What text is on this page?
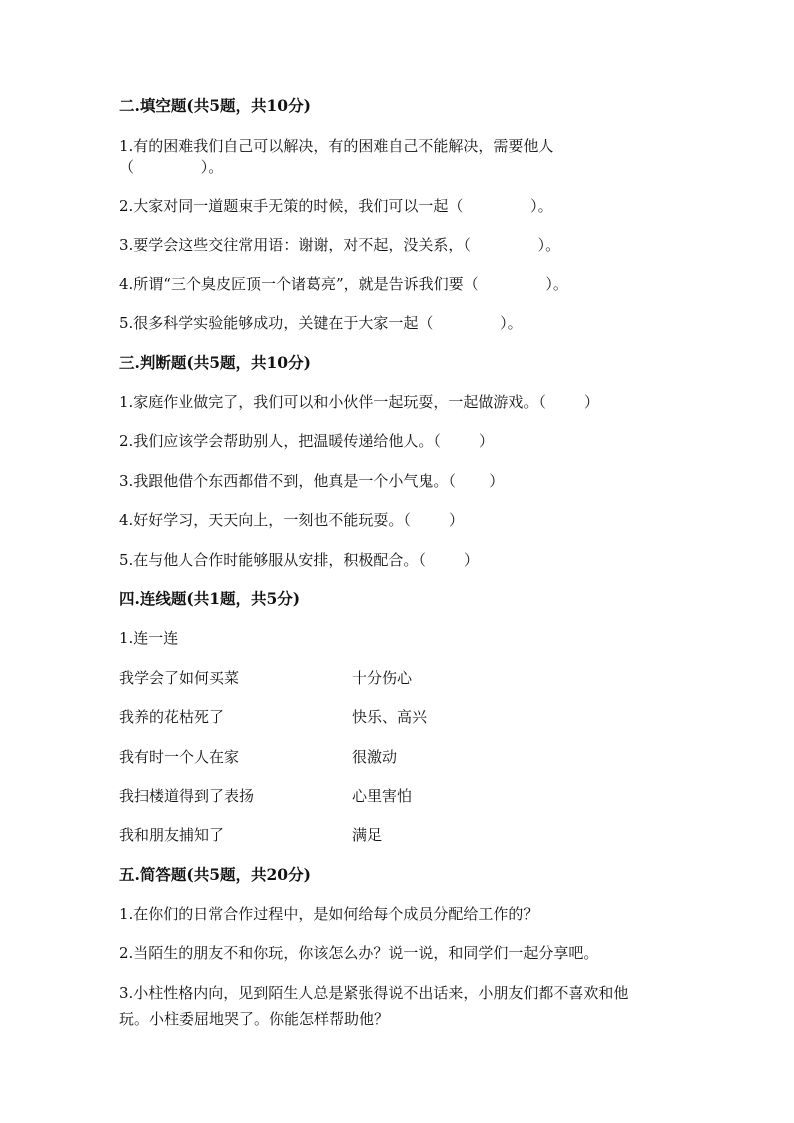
二.填空题(共5题，共10分)
1.有的困难我们自己可以解决，有的困难自己不能解决，需要他人
（              ）。
2.大家对同一道题束手无策的时候，我们可以一起（              ）。
3.要学会这些交往常用语：谢谢，对不起，没关系，（              ）。
4.所谓“三个臭皮匠顶一个诸葛亮”，就是告诉我们要（              ）。
5.很多科学实验能够成功，关键在于大家一起（              ）。
三.判断题(共5题，共10分)
1.家庭作业做完了，我们可以和小伙伴一起玩耍，一起做游戏。（        ）
2.我们应该学会帮助别人，把温暖传递给他人。（        ）
3.我跟他借个东西都借不到，他真是一个小气鬼。（       ）
4.好好学习，天天向上，一刻也不能玩耍。（        ）
5.在与他人合作时能够服从安排，积极配合。（        ）
四.连线题(共1题，共5分)
1.连一连
我学会了如何买菜	十分伤心
我养的花枯死了	快乐、高兴
我有时一个人在家	很激动
我扫楼道得到了表扬	心里害怕
我和朋友捕知了	满足
五.简答题(共5题，共20分)
1.在你们的日常合作过程中，是如何给每个成员分配给工作的？
2.当陌生的朋友不和你玩，你该怎么办？说一说，和同学们一起分享吧。
3.小柱性格内向，见到陌生人总是紧张得说不出话来，小朋友们都不喜欢和他
玩。小柱委屈地哭了。你能怎样帮助他？
